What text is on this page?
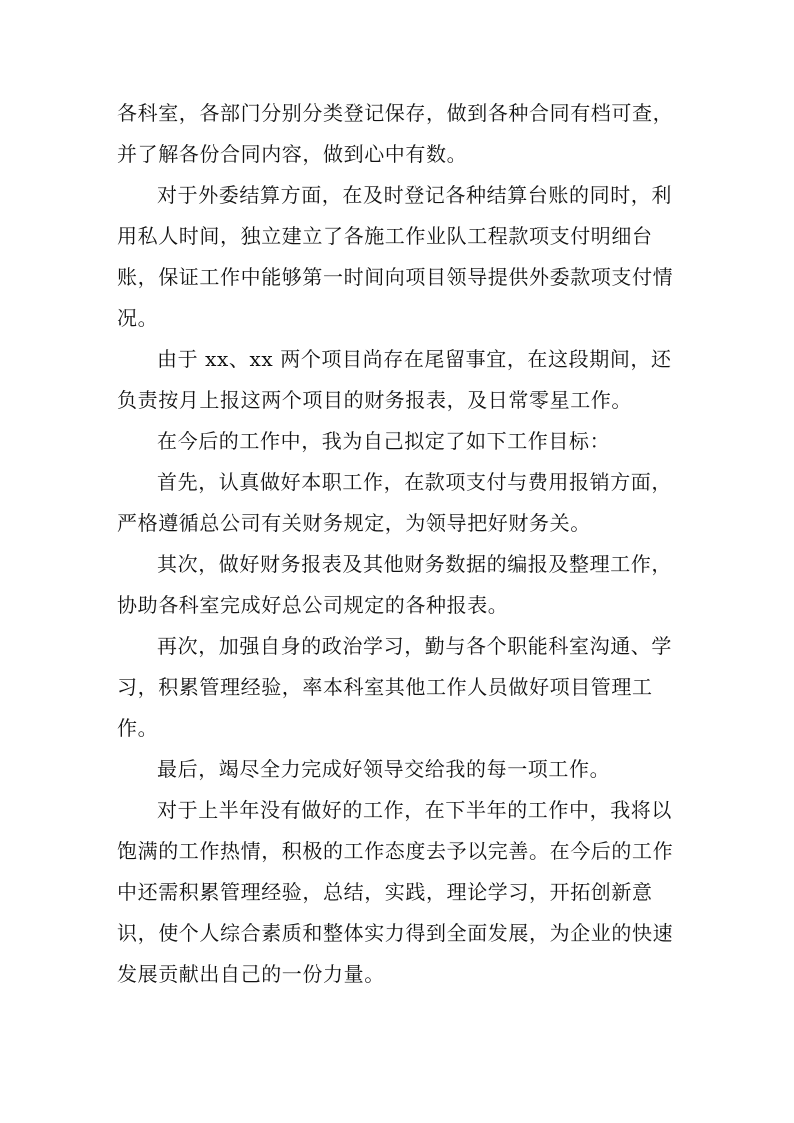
各科室，各部门分别分类登记保存，做到各种合同有档可查，并了解各份合同内容，做到心中有数。

对于外委结算方面，在及时登记各种结算台账的同时，利用私人时间，独立建立了各施工作业队工程款项支付明细台账，保证工作中能够第一时间向项目领导提供外委款项支付情况。

由于 xx、xx 两个项目尚存在尾留事宜，在这段期间，还负责按月上报这两个项目的财务报表，及日常零星工作。

在今后的工作中，我为自己拟定了如下工作目标：

首先，认真做好本职工作，在款项支付与费用报销方面，严格遵循总公司有关财务规定，为领导把好财务关。

其次，做好财务报表及其他财务数据的编报及整理工作，协助各科室完成好总公司规定的各种报表。

再次，加强自身的政治学习，勤与各个职能科室沟通、学习，积累管理经验，率本科室其他工作人员做好项目管理工作。

最后，竭尽全力完成好领导交给我的每一项工作。

对于上半年没有做好的工作，在下半年的工作中，我将以饱满的工作热情，积极的工作态度去予以完善。在今后的工作中还需积累管理经验，总结，实践，理论学习，开拓创新意识，使个人综合素质和整体实力得到全面发展，为企业的快速发展贡献出自己的一份力量。
